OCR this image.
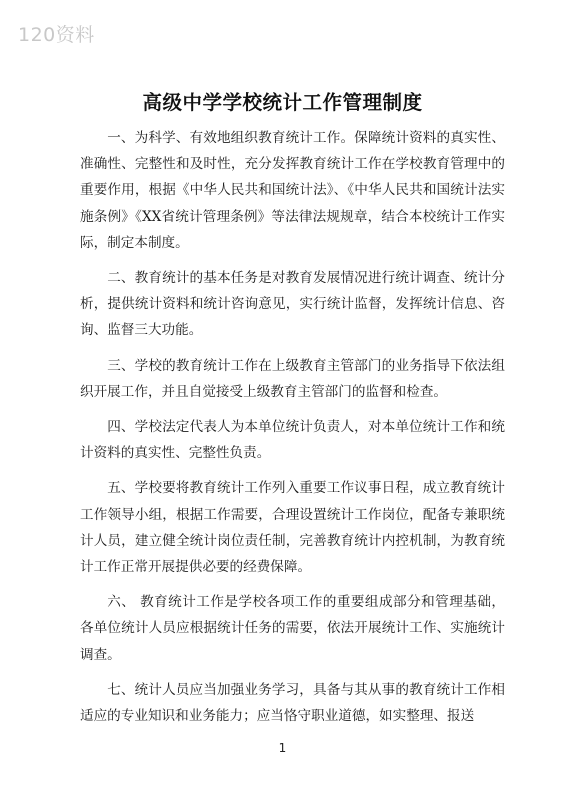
120资料
高级中学学校统计工作管理制度

一、为科学、有效地组织教育统计工作。保障统计资料的真实性、准确性、完整性和及时性，充分发挥教育统计工作在学校教育管理中的重要作用，根据《中华人民共和国统计法》、《中华人民共和国统计法实施条例》《XX省统计管理条例》等法律法规规章，结合本校统计工作实际，制定本制度。

二、教育统计的基本任务是对教育发展情况进行统计调查、统计分析，提供统计资料和统计咨询意见，实行统计监督，发挥统计信息、咨询、监督三大功能。

三、学校的教育统计工作在上级教育主管部门的业务指导下依法组织开展工作，并且自觉接受上级教育主管部门的监督和检查。

四、学校法定代表人为本单位统计负责人，对本单位统计工作和统计资料的真实性、完整性负责。

五、学校要将教育统计工作列入重要工作议事日程，成立教育统计工作领导小组，根据工作需要，合理设置统计工作岗位，配备专兼职统计人员，建立健全统计岗位责任制，完善教育统计内控机制，为教育统计工作正常开展提供必要的经费保障。

六、 教育统计工作是学校各项工作的重要组成部分和管理基础，各单位统计人员应根据统计任务的需要，依法开展统计工作、实施统计调查。

七、统计人员应当加强业务学习，具备与其从事的教育统计工作相适应的专业知识和业务能力；应当恪守职业道德，如实整理、报送

1
